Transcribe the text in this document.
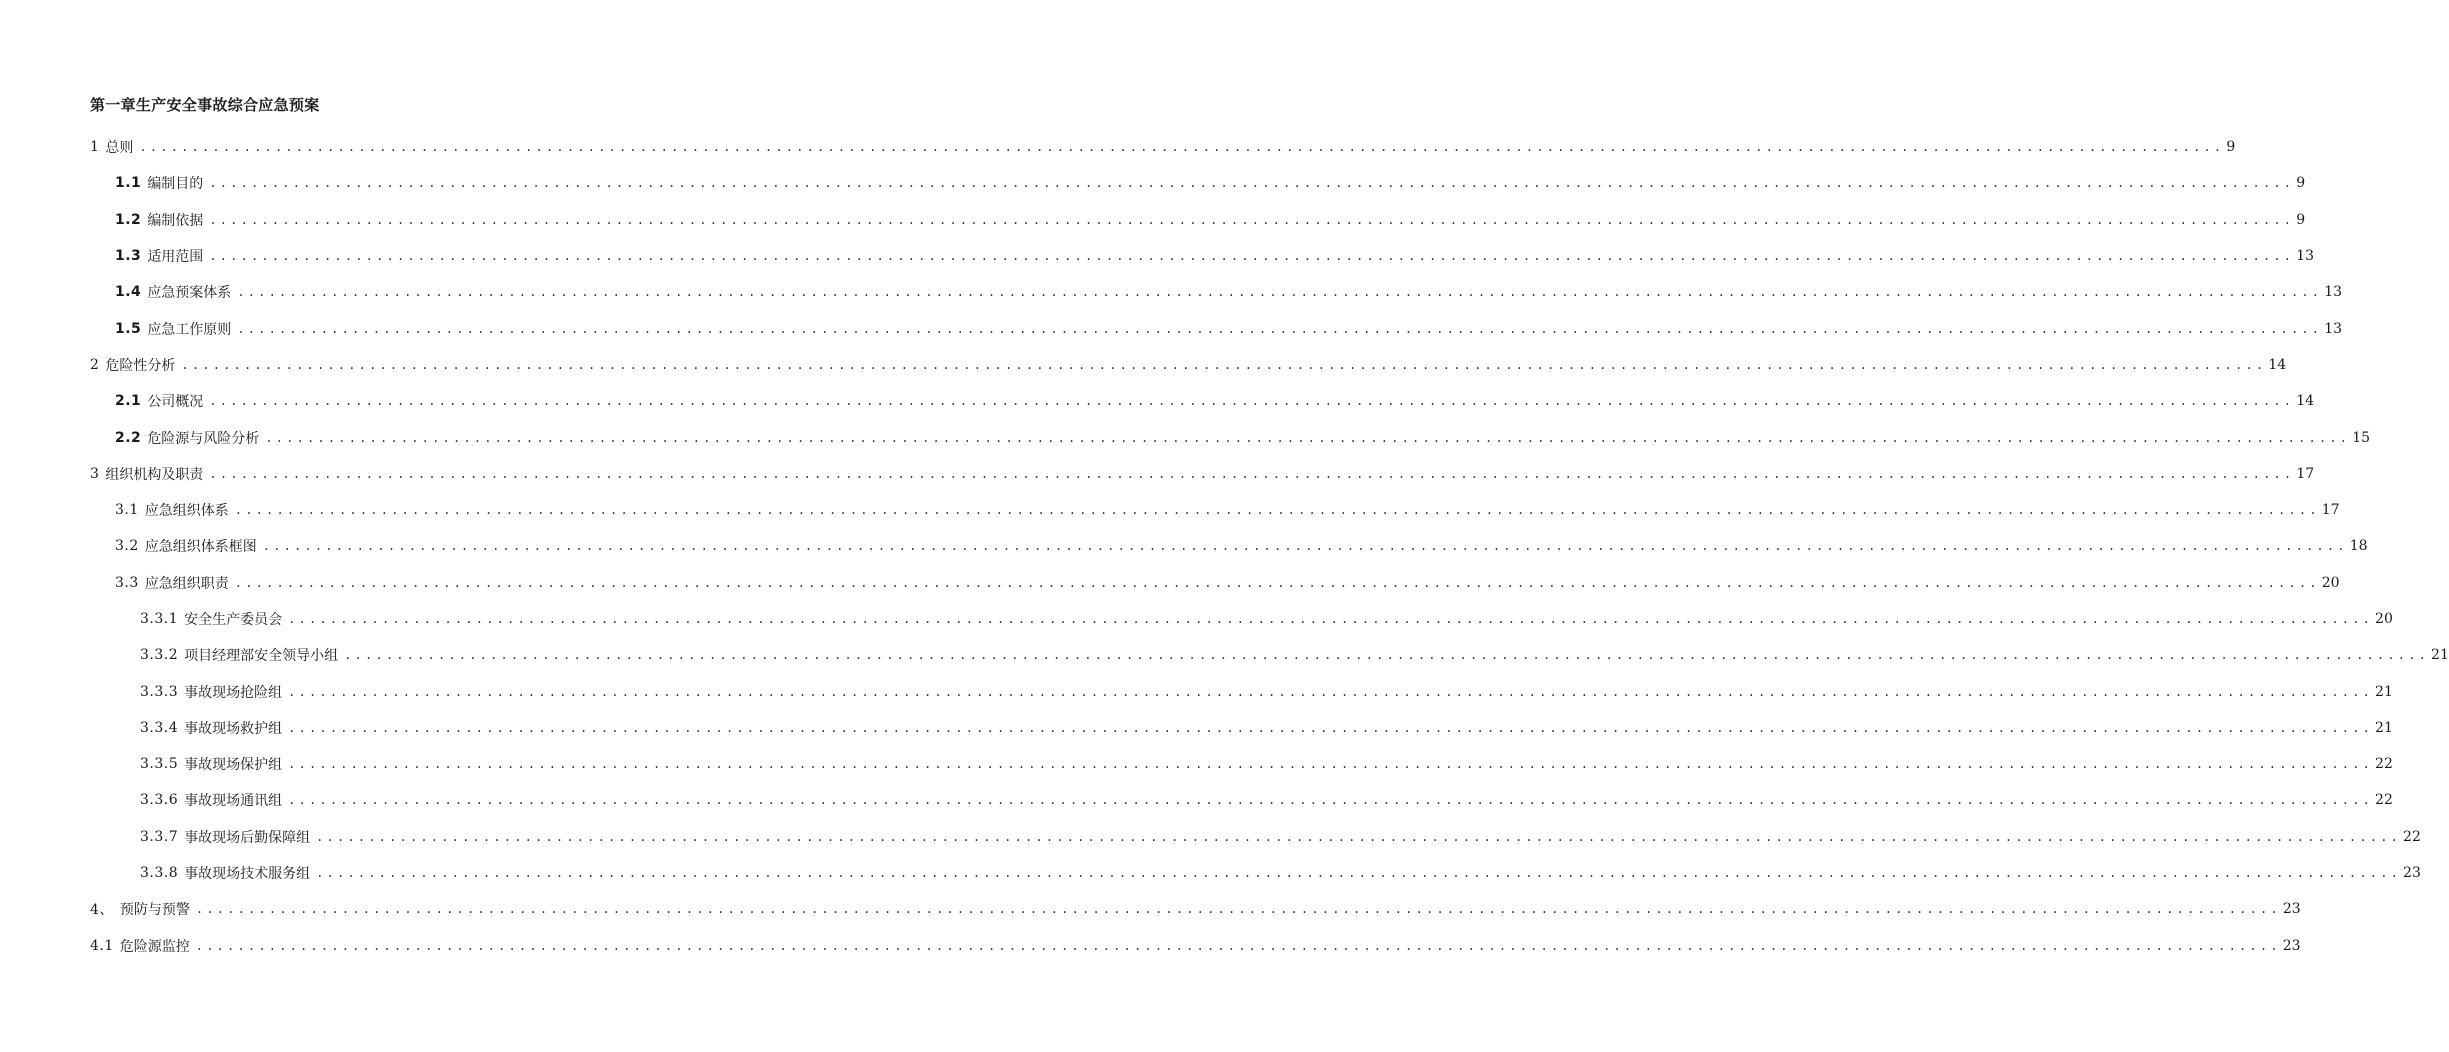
第一章生产安全事故综合应急预案
1 总则 ........................................................................................................................................................................................................ 9
1.1 编制目的 ........................................................................................................................................................................................................ 9
1.2 编制依据 ........................................................................................................................................................................................................ 9
1.3 适用范围 ........................................................................................................................................................................................................ 13
1.4 应急预案体系 ........................................................................................................................................................................................................ 13
1.5 应急工作原则 ........................................................................................................................................................................................................ 13
2 危险性分析 ........................................................................................................................................................................................................ 14
2.1 公司概况 ........................................................................................................................................................................................................ 14
2.2 危险源与风险分析 ........................................................................................................................................................................................................ 15
3 组织机构及职责 ........................................................................................................................................................................................................ 17
3.1 应急组织体系 ........................................................................................................................................................................................................ 17
3.2 应急组织体系框图 ........................................................................................................................................................................................................ 18
3.3 应急组织职责 ........................................................................................................................................................................................................ 20
3.3.1 安全生产委员会 ........................................................................................................................................................................................................ 20
3.3.2 项目经理部安全领导小组 ........................................................................................................................................................................................................ 21
3.3.3 事故现场抢险组 ........................................................................................................................................................................................................ 21
3.3.4 事故现场救护组 ........................................................................................................................................................................................................ 21
3.3.5 事故现场保护组 ........................................................................................................................................................................................................ 22
3.3.6 事故现场通讯组 ........................................................................................................................................................................................................ 22
3.3.7 事故现场后勤保障组 ........................................................................................................................................................................................................ 22
3.3.8 事故现场技术服务组 ........................................................................................................................................................................................................ 23
4、 预防与预警 ........................................................................................................................................................................................................ 23
4.1 危险源监控 ........................................................................................................................................................................................................ 23
